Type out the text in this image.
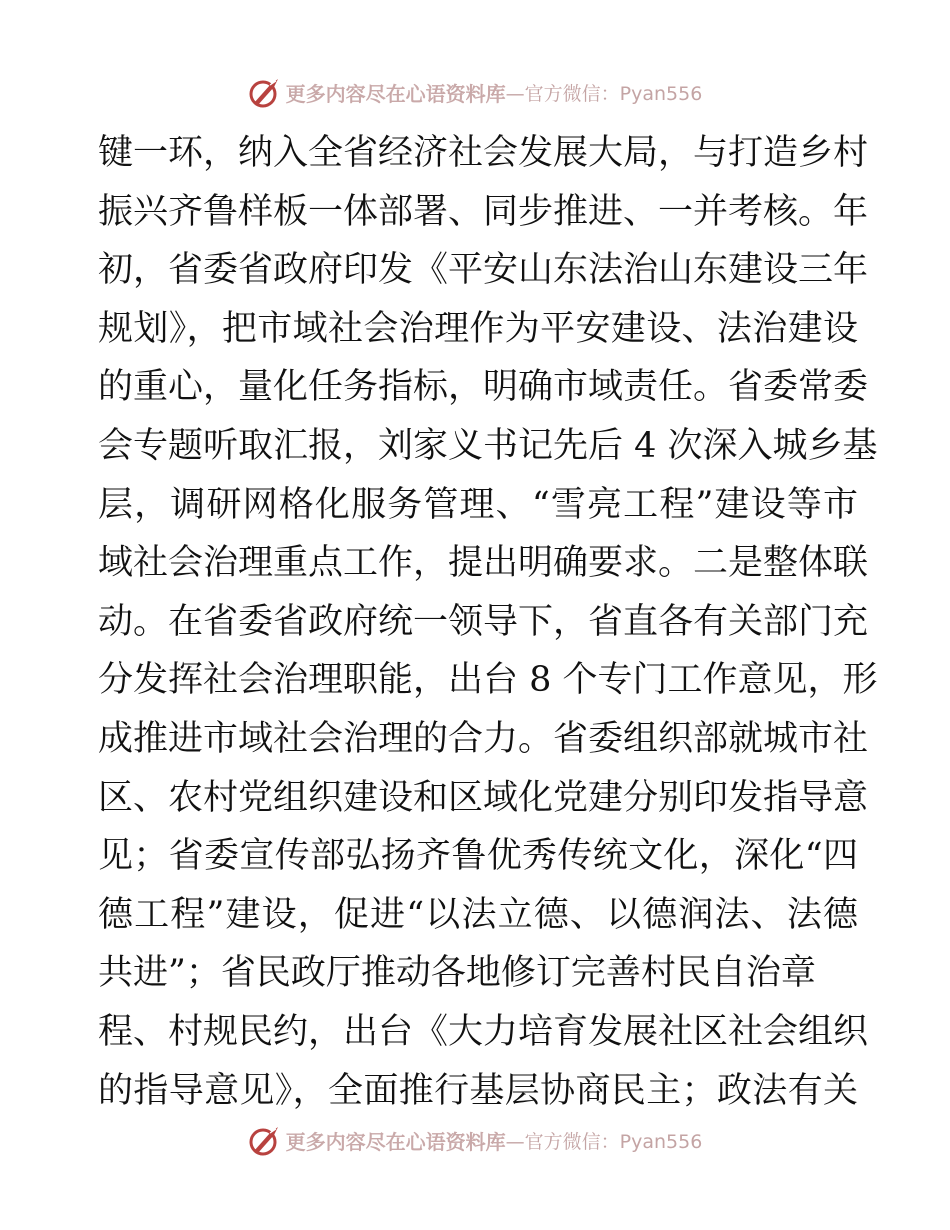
更多内容尽在心语资料库 —官方微信：Pyan556
键一环，纳入全省经济社会发展大局，与打造乡村
振兴齐鲁样板一体部署、同步推进、一并考核。年
初，省委省政府印发《平安山东法治山东建设三年
规划》，把市域社会治理作为平安建设、法治建设
的重心，量化任务指标，明确市域责任。省委常委
会专题听取汇报，刘家义书记先后 4 次深入城乡基
层，调研网格化服务管理、“雪亮工程”建设等市
域社会治理重点工作，提出明确要求。二是整体联
动。在省委省政府统一领导下，省直各有关部门充
分发挥社会治理职能，出台 8 个专门工作意见，形
成推进市域社会治理的合力。省委组织部就城市社
区、农村党组织建设和区域化党建分别印发指导意
见；省委宣传部弘扬齐鲁优秀传统文化，深化“四
德工程”建设，促进“以法立德、以德润法、法德
共进”；省民政厅推动各地修订完善村民自治章
程、村规民约，出台《大力培育发展社区社会组织
的指导意见》，全面推行基层协商民主；政法有关
更多内容尽在心语资料库 —官方微信：Pyan556
